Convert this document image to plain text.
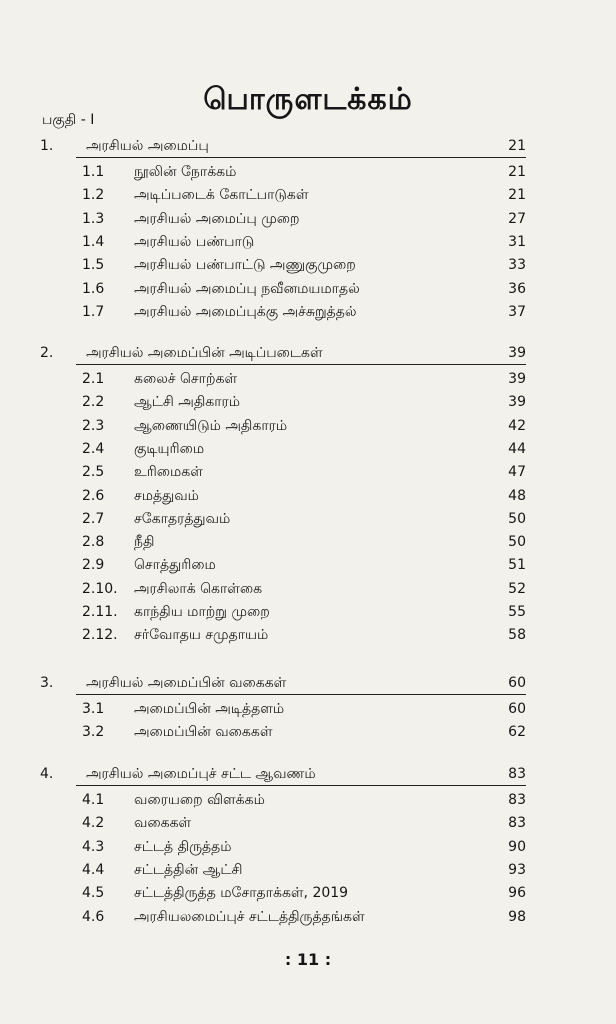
பொருளடக்கம்
பகுதி - I
1. அரசியல் அமைப்பு	21
1.1 நூலின் நோக்கம்	21
1.2 அடிப்படைக் கோட்பாடுகள்	21
1.3 அரசியல் அமைப்பு முறை	27
1.4 அரசியல் பண்பாடு	31
1.5 அரசியல் பண்பாட்டு அணுகுமுறை	33
1.6 அரசியல் அமைப்பு நவீனமயமாதல்	36
1.7 அரசியல் அமைப்புக்கு அச்சுறுத்தல்	37
2. அரசியல் அமைப்பின் அடிப்படைகள்	39
2.1 கலைச் சொற்கள்	39
2.2 ஆட்சி அதிகாரம்	39
2.3 ஆணையிடும் அதிகாரம்	42
2.4 குடியுரிமை	44
2.5 உரிமைகள்	47
2.6 சமத்துவம்	48
2.7 சகோதரத்துவம்	50
2.8 நீதி	50
2.9 சொத்துரிமை	51
2.10. அரசிலாக் கொள்கை	52
2.11. காந்திய மாற்று முறை	55
2.12. சர்வோதய சமுதாயம்	58
3. அரசியல் அமைப்பின் வகைகள்	60
3.1 அமைப்பின் அடித்தளம்	60
3.2 அமைப்பின் வகைகள்	62
4. அரசியல் அமைப்புச் சட்ட ஆவணம்	83
4.1 வரையறை விளக்கம்	83
4.2 வகைகள்	83
4.3 சட்டத் திருத்தம்	90
4.4 சட்டத்தின் ஆட்சி	93
4.5 சட்டத்திருத்த மசோதாக்கள், 2019	96
4.6 அரசியலமைப்புச் சட்டத்திருத்தங்கள்	98
: 11 :
